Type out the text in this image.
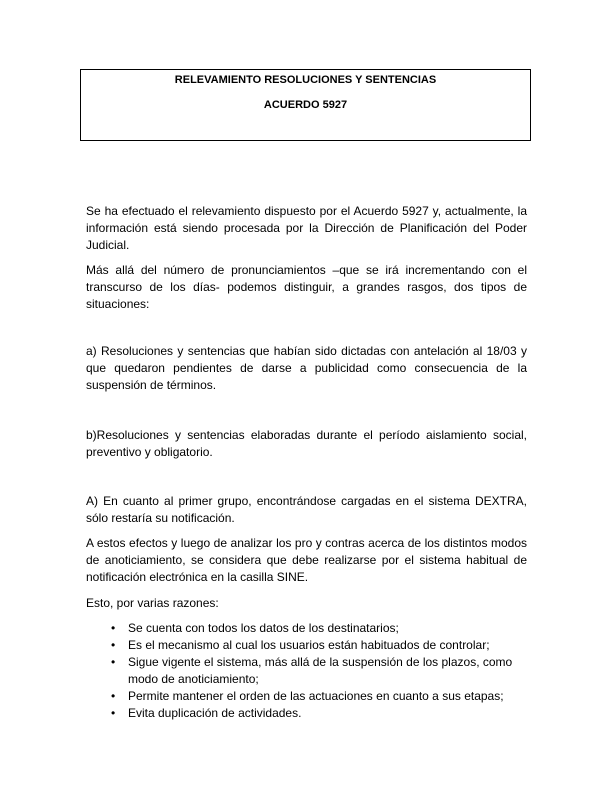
RELEVAMIENTO RESOLUCIONES Y SENTENCIAS
ACUERDO 5927

Se ha efectuado el relevamiento dispuesto por el Acuerdo 5927 y, actualmente, la información está siendo procesada por la Dirección de Planificación del Poder Judicial.

Más allá del número de pronunciamientos –que se irá incrementando con el transcurso de los días- podemos distinguir, a grandes rasgos, dos tipos de situaciones:

a) Resoluciones y sentencias que habían sido dictadas con antelación al 18/03 y que quedaron pendientes de darse a publicidad como consecuencia de la suspensión de términos.

b)Resoluciones y sentencias elaboradas durante el período aislamiento social, preventivo y obligatorio.

A) En cuanto al primer grupo, encontrándose cargadas en el sistema DEXTRA, sólo restaría su notificación.

A estos efectos y luego de analizar los pro y contras acerca de los distintos modos de anoticiamiento, se considera que debe realizarse por el sistema habitual de notificación electrónica en la casilla SINE.

Esto, por varias razones:

• Se cuenta con todos los datos de los destinatarios;
• Es el mecanismo al cual los usuarios están habituados de controlar;
• Sigue vigente el sistema, más allá de la suspensión de los plazos, como modo de anoticiamiento;
• Permite mantener el orden de las actuaciones en cuanto a sus etapas;
• Evita duplicación de actividades.
